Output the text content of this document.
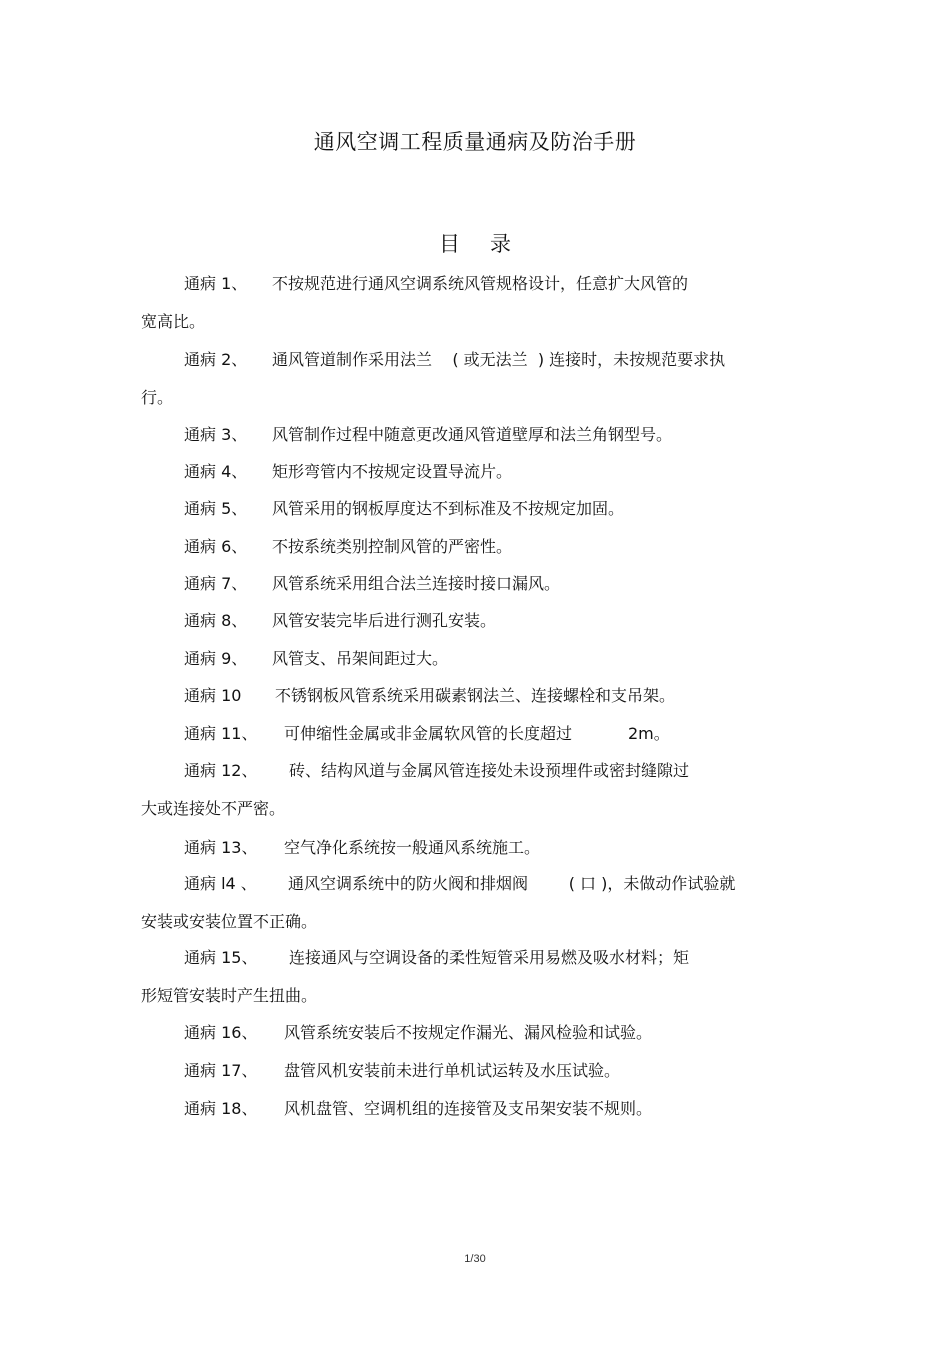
通风空调工程质量通病及防治手册
目 录
通病 1、 不按规范进行通风空调系统风管规格设计，任意扩大风管的
宽高比。
通病 2、 通风管道制作采用法兰    ( 或无法兰  ) 连接时，未按规范要求执
行。
通病 3、 风管制作过程中随意更改通风管道壁厚和法兰角钢型号。
通病 4、 矩形弯管内不按规定设置导流片。
通病 5、 风管采用的钢板厚度达不到标准及不按规定加固。
通病 6、 不按系统类别控制风管的严密性。
通病 7、 风管系统采用组合法兰连接时接口漏风。
通病 8、 风管安装完毕后进行测孔安装。
通病 9、 风管支、吊架间距过大。
通病 10 不锈钢板风管系统采用碳素钢法兰、连接螺栓和支吊架。
通病 11、 可伸缩性金属或非金属软风管的长度超过           2m。
通病 12、 砖、结构风道与金属风管连接处未设预埋件或密封缝隙过
大或连接处不严密。
通病 13、 空气净化系统按一般通风系统施工。
通病 l4 、 通风空调系统中的防火阀和排烟阀        ( 口 )，未做动作试验就
安装或安装位置不正确。
通病 15、 连接通风与空调设备的柔性短管采用易燃及吸水材料；矩
形短管安装时产生扭曲。
通病 16、 风管系统安装后不按规定作漏光、漏风检验和试验。
通病 17、 盘管风机安装前未进行单机试运转及水压试验。
通病 18、 风机盘管、空调机组的连接管及支吊架安装不规则。
1/30
